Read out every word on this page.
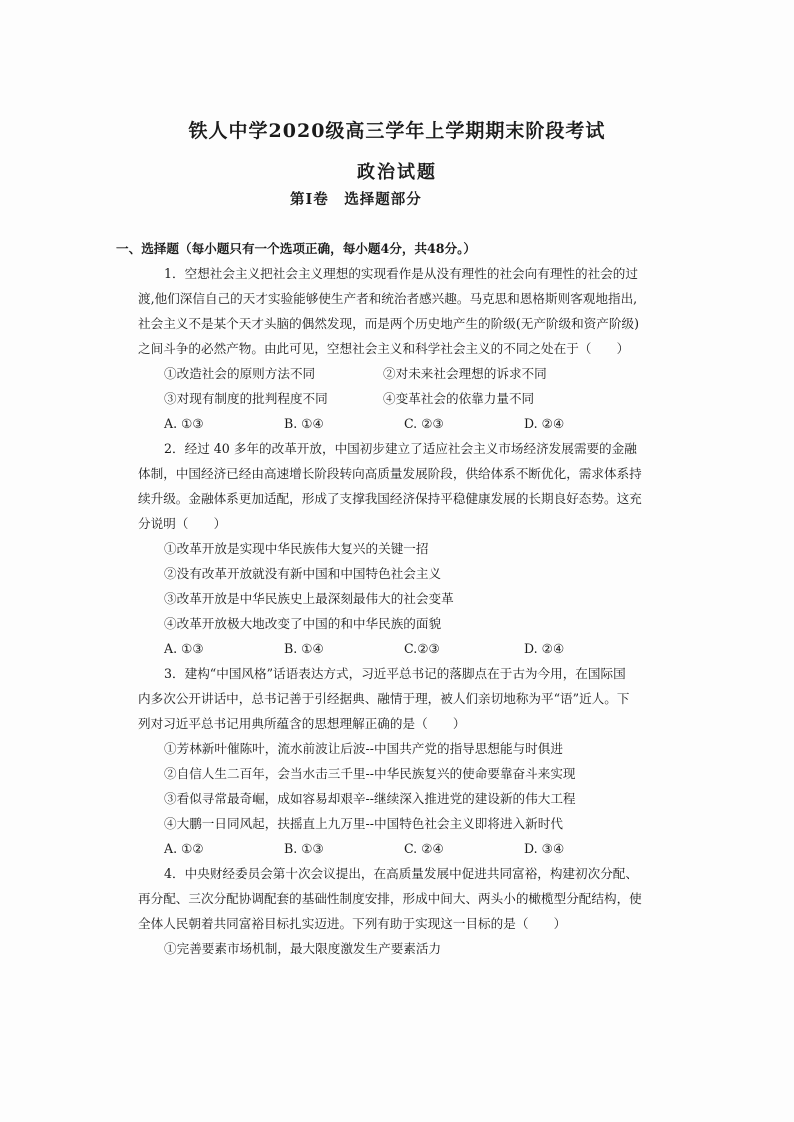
铁人中学2020级高三学年上学期期末阶段考试
政治试题
第Ⅰ卷　选择题部分
一、选择题（每小题只有一个选项正确，每小题4分，共48分。）
1．空想社会主义把社会主义理想的实现看作是从没有理性的社会向有理性的社会的过
渡,他们深信自己的天才实验能够使生产者和统治者感兴趣。马克思和恩格斯则客观地指出,
社会主义不是某个天才头脑的偶然发现，而是两个历史地产生的阶级(无产阶级和资产阶级)
之间斗争的必然产物。由此可见，空想社会主义和科学社会主义的不同之处在于（　　）
①改造社会的原则方法不同	②对未来社会理想的诉求不同
③对现有制度的批判程度不同	④变革社会的依靠力量不同
A. ①③	B. ①④	C. ②③	D. ②④
2．经过 40 多年的改革开放，中国初步建立了适应社会主义市场经济发展需要的金融
体制，中国经济已经由高速增长阶段转向高质量发展阶段，供给体系不断优化，需求体系持
续升级。金融体系更加适配，形成了支撑我国经济保持平稳健康发展的长期良好态势。这充
分说明（　　）
①改革开放是实现中华民族伟大复兴的关键一招
②没有改革开放就没有新中国和中国特色社会主义
③改革开放是中华民族史上最深刻最伟大的社会变革
④改革开放极大地改变了中国的和中华民族的面貌
A. ①③	B. ①④	C.②③	D. ②④
3．建构“中国风格”话语表达方式，习近平总书记的落脚点在于古为今用，在国际国
内多次公开讲话中，总书记善于引经据典、融情于理，被人们亲切地称为平“语”近人。下
列对习近平总书记用典所蕴含的思想理解正确的是（　　）
①芳林新叶催陈叶，流水前波让后波--中国共产党的指导思想能与时俱进
②自信人生二百年，会当水击三千里--中华民族复兴的使命要靠奋斗来实现
③看似寻常最奇崛，成如容易却艰辛--继续深入推进党的建设新的伟大工程
④大鹏一日同风起，扶摇直上九万里--中国特色社会主义即将进入新时代
A. ①②	B. ①③	C. ②④	D. ③④
4．中央财经委员会第十次会议提出，在高质量发展中促进共同富裕，构建初次分配、
再分配、三次分配协调配套的基础性制度安排，形成中间大、两头小的橄榄型分配结构，使
全体人民朝着共同富裕目标扎实迈进。下列有助于实现这一目标的是（　　）
①完善要素市场机制，最大限度激发生产要素活力
